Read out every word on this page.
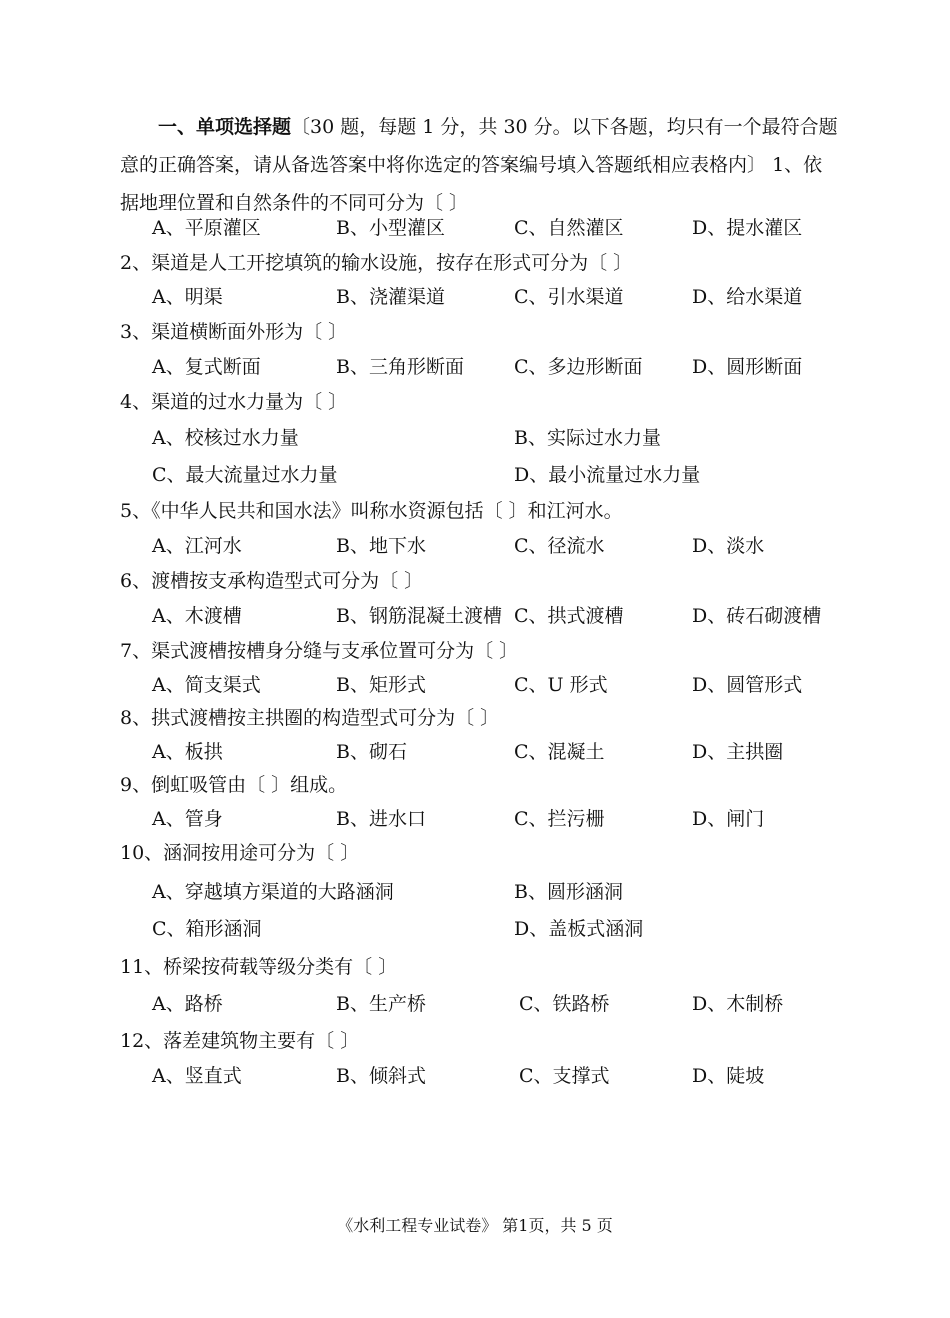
一、单项选择题〔30 题，每题 1 分，共 30 分。以下各题，均只有一个最符合题意的正确答案，请从备选答案中将你选定的答案编号填入答题纸相应表格内〕 1、依据地理位置和自然条件的不同可分为〔 〕
A、平原灌区	B、小型灌区	C、自然灌区	D、提水灌区
2、渠道是人工开挖填筑的输水设施，按存在形式可分为〔 〕
A、明渠	B、浇灌渠道	C、引水渠道	D、给水渠道
3、渠道横断面外形为〔 〕
A、复式断面	B、三角形断面	C、多边形断面	D、圆形断面
4、渠道的过水力量为〔 〕
A、校核过水力量	B、实际过水力量
C、最大流量过水力量	D、最小流量过水力量
5、《中华人民共和国水法》叫称水资源包括〔 〕和江河水。
A、江河水	B、地下水	C、径流水	D、淡水
6、渡槽按支承构造型式可分为〔 〕
A、木渡槽	B、钢筋混凝土渡槽 C、拱式渡槽	D、砖石砌渡槽
7、渠式渡槽按槽身分缝与支承位置可分为〔 〕
A、简支渠式	B、矩形式	C、U 形式	D、圆管形式
8、拱式渡槽按主拱圈的构造型式可分为〔 〕
A、板拱	B、砌石	C、混凝土	D、主拱圈
9、倒虹吸管由〔 〕组成。
A、管身	B、进水口	C、拦污栅	D、闸门
10、涵洞按用途可分为〔 〕
A、穿越填方渠道的大路涵洞	B、圆形涵洞
C、箱形涵洞	D、盖板式涵洞
11、桥梁按荷载等级分类有〔 〕
A、路桥	B、生产桥	C、铁路桥	D、木制桥
12、落差建筑物主要有〔 〕
A、竖直式	B、倾斜式	C、支撑式	D、陡坡
《水利工程专业试卷》 第1页，共 5 页
